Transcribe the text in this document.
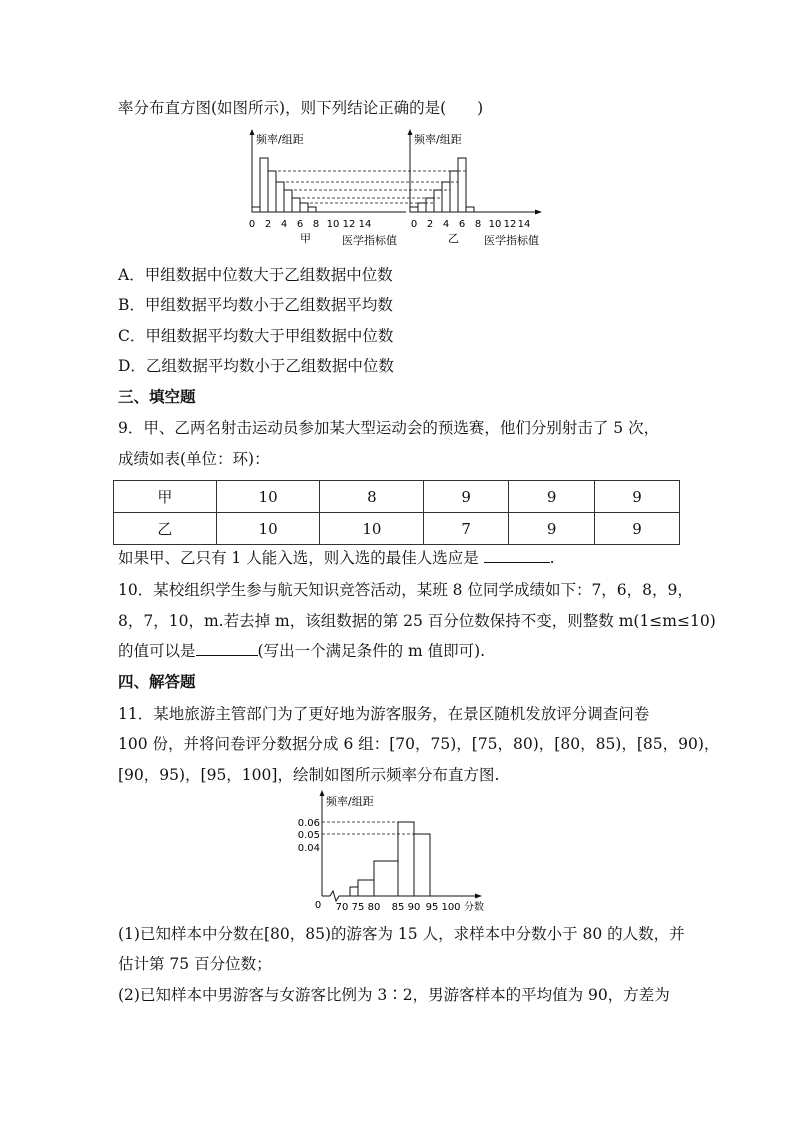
率分布直方图(如图所示)，则下列结论正确的是(　　)
频率/组距
0 2 4 6 8 10 12 14
甲	医学指标值
频率/组距
0 2 4 6 8 10 12 14
乙 医学指标值
A．甲组数据中位数大于乙组数据中位数
B．甲组数据平均数小于乙组数据平均数
C．甲组数据平均数大于甲组数据中位数
D．乙组数据平均数小于乙组数据中位数
三、填空题
9．甲、乙两名射击运动员参加某大型运动会的预选赛，他们分别射击了 5 次，
成绩如表(单位：环)：
甲	10	8	9	9	9
乙	10	10	7	9	9
如果甲、乙只有 1 人能入选，则入选的最佳人选应是	.
10．某校组织学生参与航天知识竞答活动，某班 8 位同学成绩如下：7，6，8，9，
8，7，10，m.若去掉 m，该组数据的第 25 百分位数保持不变，则整数 m(1≤m≤10)
的值可以是	(写出一个满足条件的 m 值即可).
四、解答题
11．某地旅游主管部门为了更好地为游客服务，在景区随机发放评分调查问卷
100 份，并将问卷评分数据分成 6 组：[70，75)，[75，80)，[80，85)，[85，90)，
[90，95)，[95，100]，绘制如图所示频率分布直方图.
频率/组距
0.06
0.05
0.04
0 70 75 80 85 90 95 100 分数
(1)已知样本中分数在[80，85)的游客为 15 人，求样本中分数小于 80 的人数，并
估计第 75 百分位数；
(2)已知样本中男游客与女游客比例为 3∶2，男游客样本的平均值为 90，方差为
